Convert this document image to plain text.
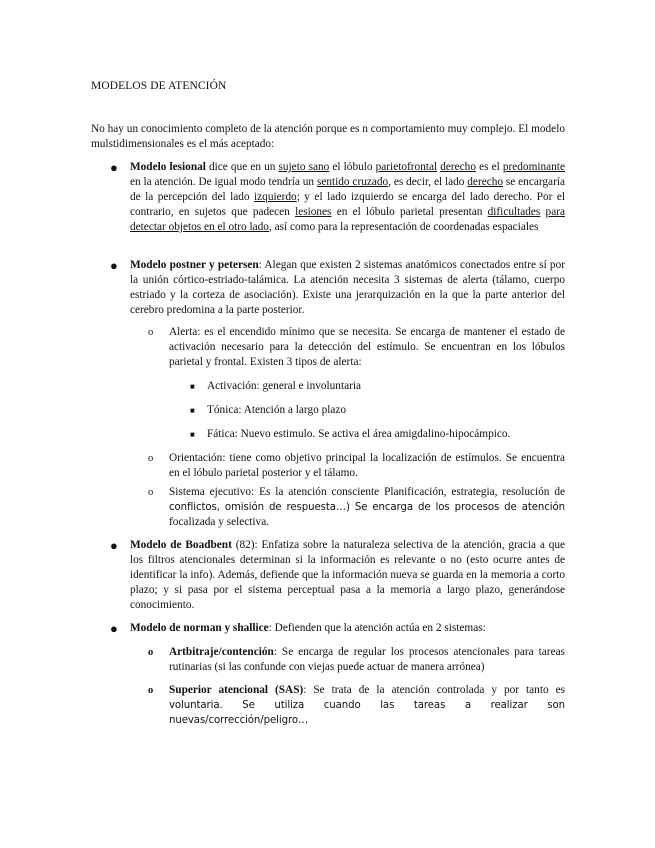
MODELOS DE ATENCIÓN
No hay un conocimiento completo de la atención porque es n comportamiento muy complejo. El modelo mulstidimensionales es el más aceptado:
● Modelo lesional dice que en un sujeto sano el lóbulo parietofrontal derecho es el predominante en la atención. De igual modo tendría un sentido cruzado, es decir, el lado derecho se encargaría de la percepción del lado izquierdo; y el lado izquierdo se encarga del lado derecho. Por el contrario, en sujetos que padecen lesiones en el lóbulo parietal presentan dificultades para detectar objetos en el otro lado, así como para la representación de coordenadas espaciales
● Modelo postner y petersen: Alegan que existen 2 sistemas anatómicos conectados entre sí por la unión córtico-estriado-talámica. La atención necesita 3 sistemas de alerta (tálamo, cuerpo estriado y la corteza de asociación). Existe una jerarquización en la que la parte anterior del cerebro predomina a la parte posterior.
o Alerta: es el encendido mínimo que se necesita. Se encarga de mantener el estado de activación necesario para la detección del estímulo. Se encuentran en los lóbulos parietal y frontal. Existen 3 tipos de alerta:
■ Activación: general e involuntaria
■ Tónica: Atención a largo plazo
■ Fática: Nuevo estimulo. Se activa el área amigdalino-hipocámpico.
o Orientación: tiene como objetivo principal la localización de estímulos. Se encuentra en el lóbulo parietal posterior y el tálamo.
o Sistema ejecutivo: Es la atención consciente Planificación, estrategia, resolución de conflictos, omisión de respuesta…) Se encarga de los procesos de atención focalizada y selectiva.
● Modelo de Boadbent (82): Enfatiza sobre la naturaleza selectiva de la atención, gracia a que los filtros atencionales determinan si la información es relevante o no (esto ocurre antes de identificar la info). Además, defiende que la información nueva se guarda en la memoria a corto plazo; y si pasa por el sistema perceptual pasa a la memoria a largo plazo, generándose conocimiento.
● Modelo de norman y shallice: Defienden que la atención actúa en 2 sistemas:
o Artbitraje/contención: Se encarga de regular los procesos atencionales para tareas rutinarias (si las confunde con viejas puede actuar de manera arrónea)
o Superior atencional (SAS): Se trata de la atención controlada y por tanto es voluntaria. Se utiliza cuando las tareas a realizar son nuevas/corrección/peligro…
